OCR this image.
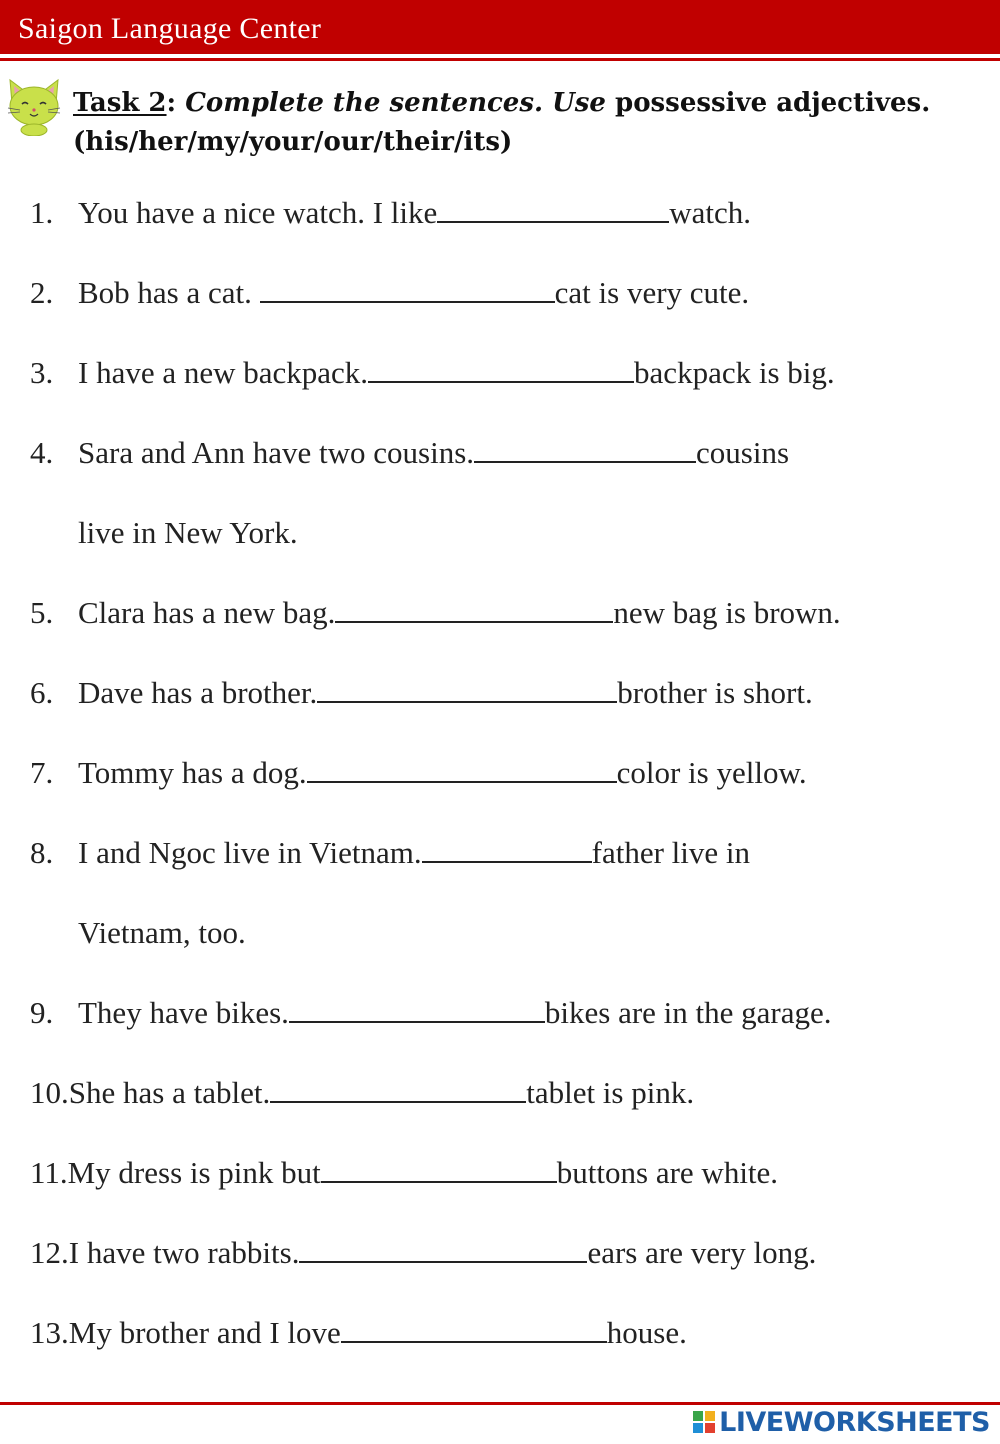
Saigon Language Center
Task 2: Complete the sentences. Use possessive adjectives. (his/her/my/your/our/their/its)
1. You have a nice watch. I like	watch.
2. Bob has a cat.	cat is very cute.
3. I have a new backpack.	backpack is big.
4. Sara and Ann have two cousins.	cousins
live in New York.
5. Clara has a new bag.	new bag is brown.
6. Dave has a brother.	brother is short.
7. Tommy has a dog.	color is yellow.
8. I and Ngoc live in Vietnam.	father live in
Vietnam, too.
9. They have bikes.	bikes are in the garage.
10.She has a tablet.	tablet is pink.
11.My dress is pink but	buttons are white.
12.I have two rabbits.	ears are very long.
13.My brother and I love	house.
LIVEWORKSHEETS
